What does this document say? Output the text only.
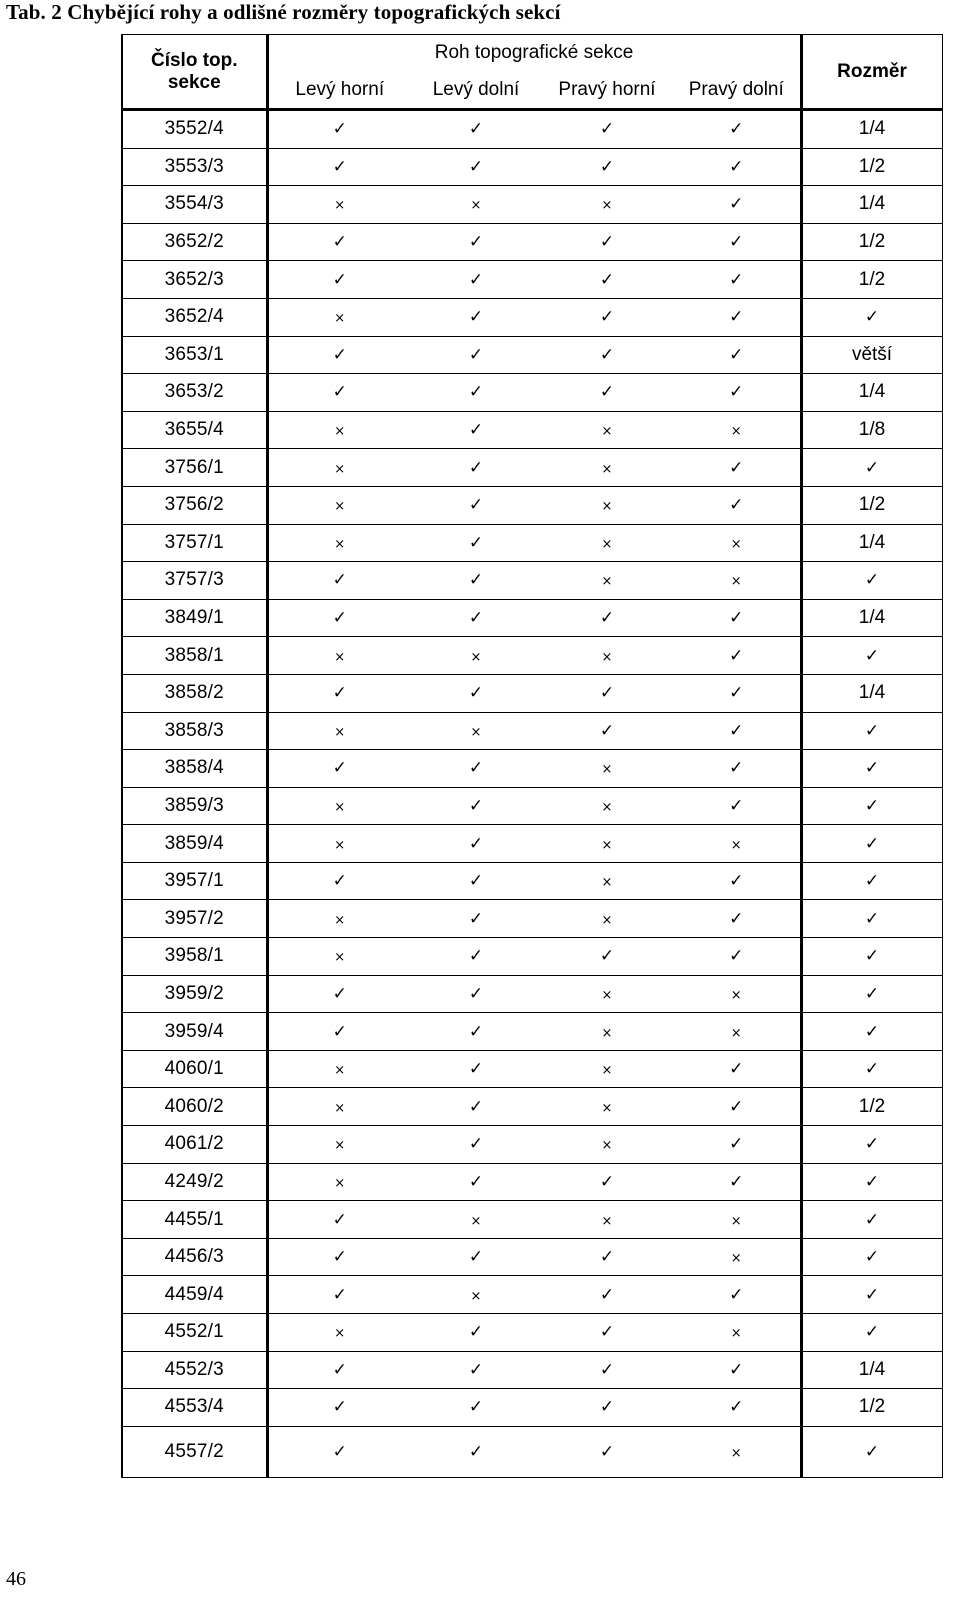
Tab. 2 Chybějící rohy a odlišné rozměry topografických sekcí
Číslo top.
sekce	Roh topografické sekce				Rozměr
	Levý horní	Levý dolní	Pravý horní	Pravý dolní	
3552/4	✓	✓	✓	✓	1/4
3553/3	✓	✓	✓	✓	1/2
3554/3	×	×	×	✓	1/4
3652/2	✓	✓	✓	✓	1/2
3652/3	✓	✓	✓	✓	1/2
3652/4	×	✓	✓	✓	✓
3653/1	✓	✓	✓	✓	větší
3653/2	✓	✓	✓	✓	1/4
3655/4	×	✓	×	×	1/8
3756/1	×	✓	×	✓	✓
3756/2	×	✓	×	✓	1/2
3757/1	×	✓	×	×	1/4
3757/3	✓	✓	×	×	✓
3849/1	✓	✓	✓	✓	1/4
3858/1	×	×	×	✓	✓
3858/2	✓	✓	✓	✓	1/4
3858/3	×	×	✓	✓	✓
3858/4	✓	✓	×	✓	✓
3859/3	×	✓	×	✓	✓
3859/4	×	✓	×	×	✓
3957/1	✓	✓	×	✓	✓
3957/2	×	✓	×	✓	✓
3958/1	×	✓	✓	✓	✓
3959/2	✓	✓	×	×	✓
3959/4	✓	✓	×	×	✓
4060/1	×	✓	×	✓	✓
4060/2	×	✓	×	✓	1/2
4061/2	×	✓	×	✓	✓
4249/2	×	✓	✓	✓	✓
4455/1	✓	×	×	×	✓
4456/3	✓	✓	✓	×	✓
4459/4	✓	×	✓	✓	✓
4552/1	×	✓	✓	×	✓
4552/3	✓	✓	✓	✓	1/4
4553/4	✓	✓	✓	✓	1/2
4557/2	✓	✓	✓	×	✓
46
